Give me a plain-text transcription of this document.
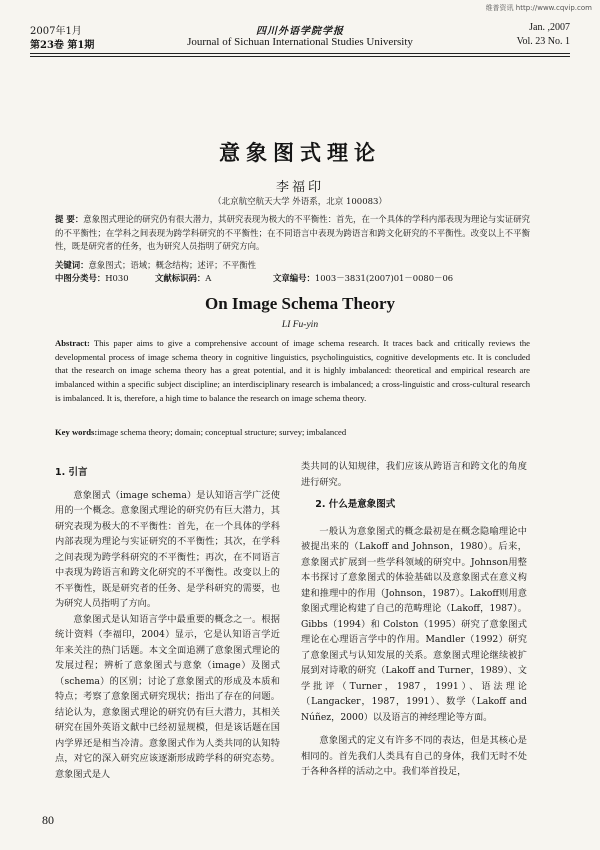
维普资讯 http://www.cqvip.com
2007年1月
第23卷 第1期
四川外语学院学报
Journal of Sichuan International Studies University
Jan. ,2007
Vol. 23 No. 1
意象图式理论
李福印
（北京航空航天大学 外语系，北京 100083）
提 要：意象图式理论的研究仍有很大潜力，其研究表现为极大的不平衡性：首先，在一个具体的学科内部表现为理论与实证研究的不平衡性；在学科之间表现为跨学科研究的不平衡性；在不同语言中表现为跨语言和跨文化研究的不平衡性。改变以上不平衡性，既是研究者的任务，也为研究人员指明了研究方向。
关键词：意象图式；语域；概念结构；述评；不平衡性
中图分类号： H030	文献标识码： A	文章编号： 1003－3831(2007)01－0080－06
On Image Schema Theory
LI Fu-yin
Abstract: This paper aims to give a comprehensive account of image schema research. It traces back and critically reviews the developmental process of image schema theory in cognitive linguistics, psycholinguistics, cognitive developments etc. It is concluded that the research on image schema theory has a great potential, and it is highly imbalanced: theoretical and empirical research are imbalanced within a specific subject discipline; an interdisciplinary research is imbalanced; a cross-linguistic and cross-cultural research is imbalanced. It is, therefore, a high time to balance the research on image schema theory.
Key words:image schema theory; domain; conceptual structure; survey; imbalanced
1. 引言

意象图式（image schema）是认知语言学广泛使用的一个概念。意象图式理论的研究仍有巨大潜力，其研究表现为极大的不平衡性：首先，在一个具体的学科内部表现为理论与实证研究的不平衡性；其次，在学科之间表现为跨学科研究的不平衡性；再次，在不同语言中表现为跨语言和跨文化研究的不平衡性。改变以上的不平衡性，既是研究者的任务、是学科研究的需要，也为研究人员指明了方向。

意象图式是认知语言学中最重要的概念之一。根据统计资料（李福印，2004）显示，它是认知语言学近年来关注的热门话题。本文全面追溯了意象图式理论的发展过程；辨析了意象图式与意象（image）及图式（schema）的区别；讨论了意象图式的形成及本质和特点；考察了意象图式研究现状；指出了存在的问题。结论认为，意象图式理论的研究仍有巨大潜力，其相关研究在国外英语文献中已经初显规模，但是该话题在国内学界还是相当冷清。意象图式作为人类共同的认知特点，对它的深入研究应该逐渐形成跨学科的研究态势。意象图式是人

类共同的认知规律，我们应该从跨语言和跨文化的角度进行研究。

2. 什么是意象图式

一般认为意象图式的概念最初是在概念隐喻理论中被提出来的（Lakoff and Johnson，1980）。后来，意象图式扩展到一些学科领域的研究中。Johnson用整本书探讨了意象图式的体验基础以及意象图式在意义构建和推理中的作用（Johnson，1987）。Lakoff则用意象图式理论构建了自己的范畴理论（Lakoff，1987）。Gibbs（1994）和 Colston（1995）研究了意象图式理论在心理语言学中的作用。Mandler（1992）研究了意象图式与认知发展的关系。意象图式理论继续被扩展到对诗歌的研究（Lakoff and Turner，1989）、文学批评（Turner，1987，1991）、语法理论（Langacker，1987，1991）、数学（Lakoff and Núñez，2000）以及语言的神经理论等方面。

意象图式的定义有许多不同的表达，但是其核心是相同的。首先我们人类具有自己的身体，我们无时不处于各种各样的活动之中。我们举首投足，

80
